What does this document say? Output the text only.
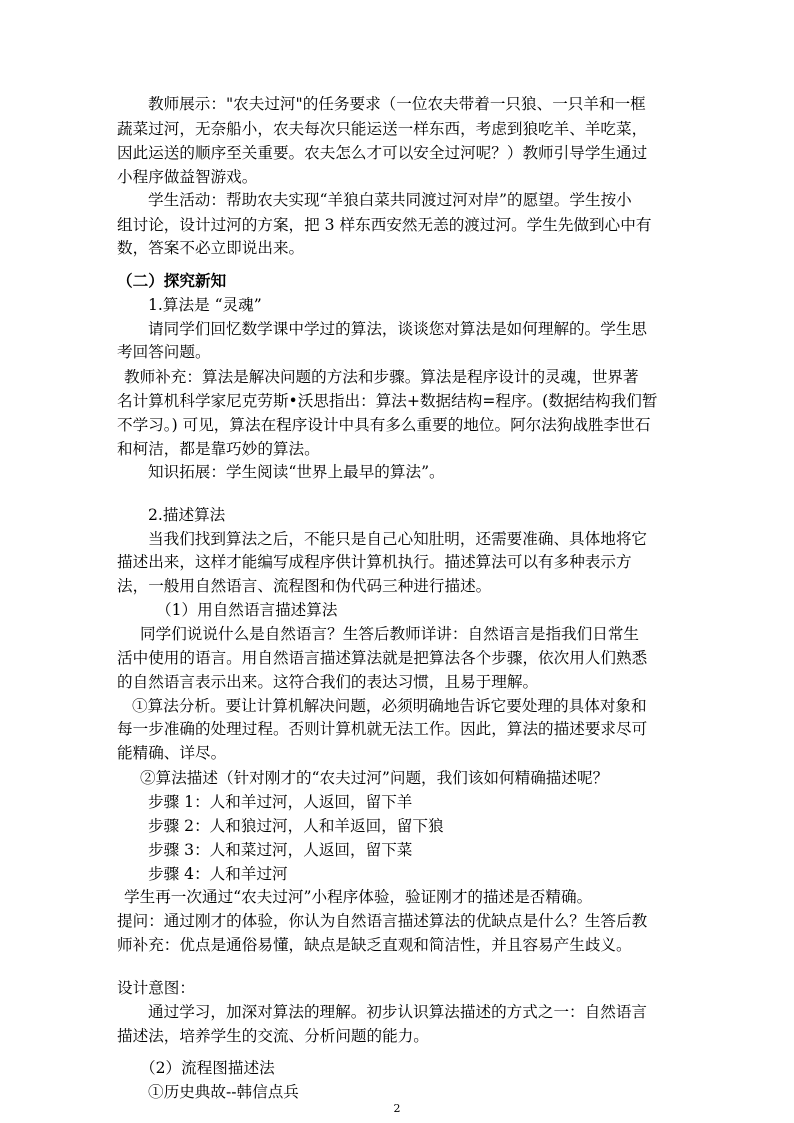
教师展示："农夫过河"的任务要求（一位农夫带着一只狼、一只羊和一框
蔬菜过河，无奈船小，农夫每次只能运送一样东西，考虑到狼吃羊、羊吃菜，
因此运送的顺序至关重要。农夫怎么才可以安全过河呢？）教师引导学生通过
小程序做益智游戏。
学生活动：帮助农夫实现“羊狼白菜共同渡过河对岸”的愿望。学生按小
组讨论，设计过河的方案，把 3 样东西安然无恙的渡过河。学生先做到心中有
数，答案不必立即说出来。
（二）探究新知
1.算法是 “灵魂”
请同学们回忆数学课中学过的算法，谈谈您对算法是如何理解的。学生思
考回答问题。
教师补充：算法是解决问题的方法和步骤。算法是程序设计的灵魂，世界著
名计算机科学家尼克劳斯•沃思指出：算法+数据结构=程序。(数据结构我们暂
不学习。) 可见，算法在程序设计中具有多么重要的地位。阿尔法狗战胜李世石
和柯洁，都是靠巧妙的算法。
知识拓展：学生阅读“世界上最早的算法”。
2.描述算法
当我们找到算法之后，不能只是自己心知肚明，还需要准确、具体地将它
描述出来，这样才能编写成程序供计算机执行。描述算法可以有多种表示方
法，一般用自然语言、流程图和伪代码三种进行描述。
（1）用自然语言描述算法
同学们说说什么是自然语言？生答后教师详讲：自然语言是指我们日常生
活中使用的语言。用自然语言描述算法就是把算法各个步骤，依次用人们熟悉
的自然语言表示出来。这符合我们的表达习惯，且易于理解。
①算法分析。要让计算机解决问题，必须明确地告诉它要处理的具体对象和
每一步准确的处理过程。否则计算机就无法工作。因此，算法的描述要求尽可
能精确、详尽。
②算法描述（针对刚才的“农夫过河”问题，我们该如何精确描述呢？
步骤 1：人和羊过河，人返回，留下羊
步骤 2：人和狼过河，人和羊返回，留下狼
步骤 3：人和菜过河，人返回，留下菜
步骤 4：人和羊过河
学生再一次通过“农夫过河”小程序体验，验证刚才的描述是否精确。
提问：通过刚才的体验，你认为自然语言描述算法的优缺点是什么？生答后教
师补充：优点是通俗易懂，缺点是缺乏直观和简洁性，并且容易产生歧义。
设计意图：
通过学习，加深对算法的理解。初步认识算法描述的方式之一：自然语言
描述法，培养学生的交流、分析问题的能力。
（2）流程图描述法
①历史典故--韩信点兵
2
